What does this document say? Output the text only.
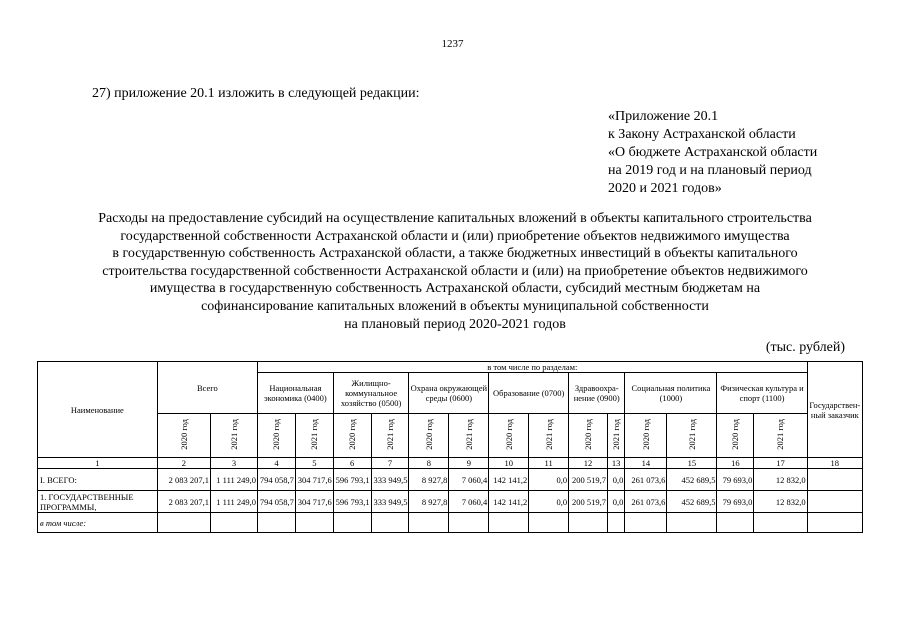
1237
27) приложение 20.1 изложить в следующей редакции:
«Приложение 20.1
к Закону Астраханской области
«О бюджете Астраханской области
на 2019 год и на плановый период
2020 и 2021 годов»
Расходы на предоставление субсидий на осуществление капитальных вложений в объекты капитального строительства
государственной собственности Астраханской области и (или) приобретение объектов недвижимого имущества
в государственную собственность Астраханской области, а также бюджетных инвестиций в объекты капитального
строительства государственной собственности Астраханской области и (или) на приобретение объектов недвижимого
имущества в государственную собственность Астраханской области, субсидий местным бюджетам на
софинансирование капитальных вложений в объекты муниципальной собственности
на плановый период 2020-2021 годов
(тыс. рублей)
Наименование	Всего		в том числе по разделам:														Государствен-ный заказчик
			Национальная экономика (0400)		Жилищно-коммунальное хозяйство (0500)		Охрана окружающей среды (0600)		Образование (0700)		Здравоохра-нение (0900)		Социальная политика (1000)		Физическая культура и спорт (1100)		
	2020 год	2021 год	2020 год	2021 год	2020 год	2021 год	2020 год	2021 год	2020 год	2021 год	2020 год	2021 год	2020 год	2021 год	2020 год	2021 год	
1	2	3	4	5	6	7	8	9	10	11	12	13	14	15	16	17	18
I. ВСЕГО:	2 083 207,1	1 111 249,0	794 058,7	304 717,6	596 793,1	333 949,5	8 927,8	7 060,4	142 141,2	0,0	200 519,7	0,0	261 073,6	452 689,5	79 693,0	12 832,0	
1. ГОСУДАРСТВЕННЫЕ ПРОГРАММЫ,	2 083 207,1	1 111 249,0	794 058,7	304 717,6	596 793,1	333 949,5	8 927,8	7 060,4	142 141,2	0,0	200 519,7	0,0	261 073,6	452 689,5	79 693,0	12 832,0	
в том числе:																	
